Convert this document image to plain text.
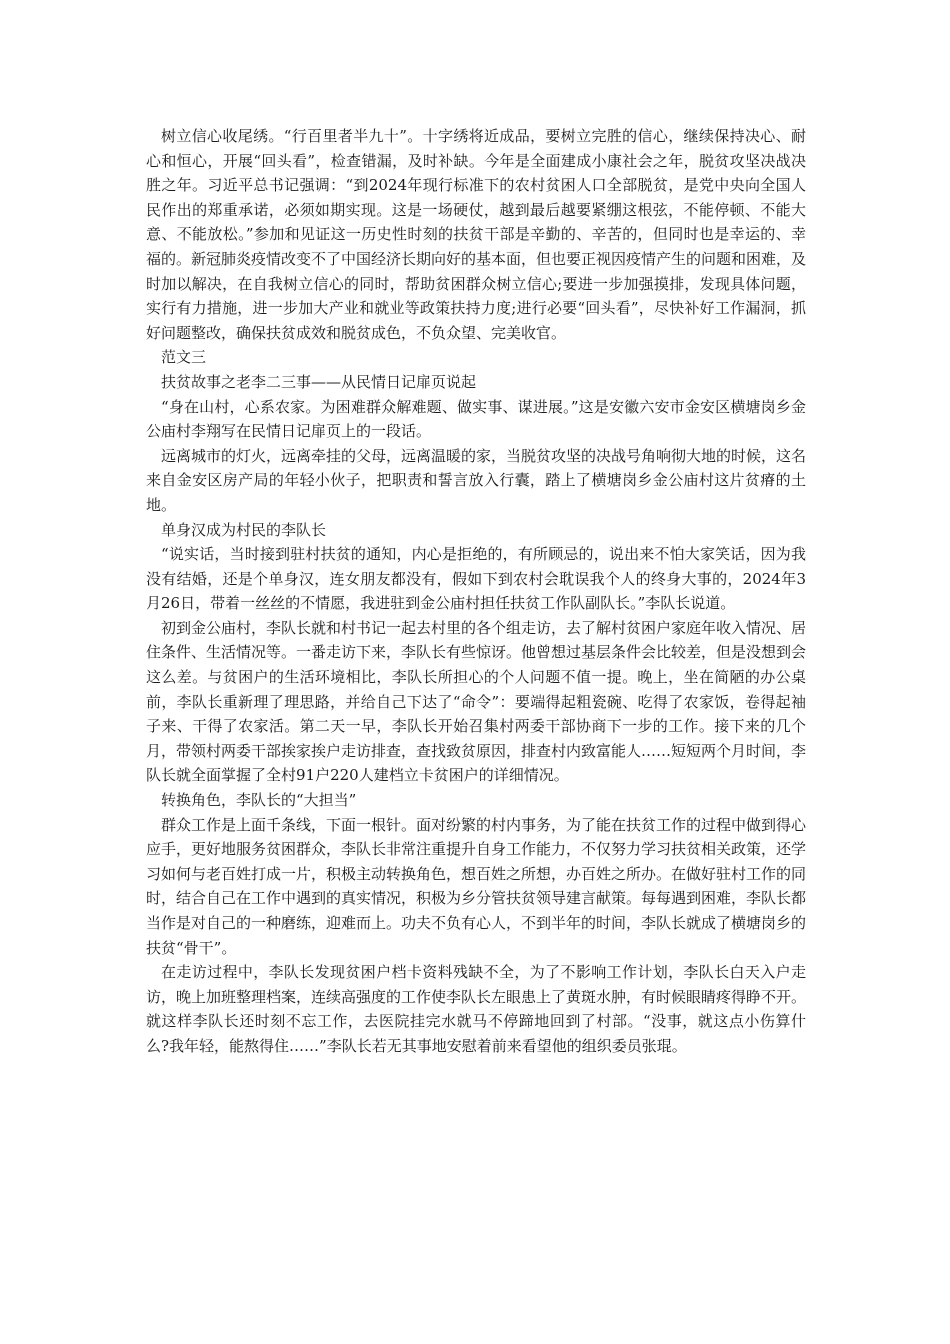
树立信心收尾绣。“行百里者半九十”。十字绣将近成品，要树立完胜的信心，继续保持决心、耐心和恒心，开展“回头看”，检查错漏，及时补缺。今年是全面建成小康社会之年，脱贫攻坚决战决胜之年。习近平总书记强调：“到2024年现行标准下的农村贫困人口全部脱贫，是党中央向全国人民作出的郑重承诺，必须如期实现。这是一场硬仗，越到最后越要紧绷这根弦，不能停顿、不能大意、不能放松。”参加和见证这一历史性时刻的扶贫干部是辛勤的、辛苦的，但同时也是幸运的、幸福的。新冠肺炎疫情改变不了中国经济长期向好的基本面，但也要正视因疫情产生的问题和困难，及时加以解决，在自我树立信心的同时，帮助贫困群众树立信心;要进一步加强摸排，发现具体问题，实行有力措施，进一步加大产业和就业等政策扶持力度;进行必要“回头看”，尽快补好工作漏洞，抓好问题整改，确保扶贫成效和脱贫成色，不负众望、完美收官。

范文三

扶贫故事之老李二三事——从民情日记扉页说起

“身在山村，心系农家。为困难群众解难题、做实事、谋进展。”这是安徽六安市金安区横塘岗乡金公庙村李翔写在民情日记扉页上的一段话。

远离城市的灯火，远离牵挂的父母，远离温暖的家，当脱贫攻坚的决战号角响彻大地的时候，这名来自金安区房产局的年轻小伙子，把职责和誓言放入行囊，踏上了横塘岗乡金公庙村这片贫瘠的土地。

单身汉成为村民的李队长

“说实话，当时接到驻村扶贫的通知，内心是拒绝的，有所顾忌的，说出来不怕大家笑话，因为我没有结婚，还是个单身汉，连女朋友都没有，假如下到农村会耽误我个人的终身大事的，2024年3月26日，带着一丝丝的不情愿，我进驻到金公庙村担任扶贫工作队副队长。”李队长说道。

初到金公庙村，李队长就和村书记一起去村里的各个组走访，去了解村贫困户家庭年收入情况、居住条件、生活情况等。一番走访下来，李队长有些惊讶。他曾想过基层条件会比较差，但是没想到会这么差。与贫困户的生活环境相比，李队长所担心的个人问题不值一提。晚上，坐在简陋的办公桌前，李队长重新理了理思路，并给自己下达了“命令”：要端得起粗瓷碗、吃得了农家饭，卷得起袖子来、干得了农家活。第二天一早，李队长开始召集村两委干部协商下一步的工作。接下来的几个月，带领村两委干部挨家挨户走访排查，查找致贫原因，排查村内致富能人……短短两个月时间，李队长就全面掌握了全村91户220人建档立卡贫困户的详细情况。

转换角色，李队长的“大担当”

群众工作是上面千条线，下面一根针。面对纷繁的村内事务，为了能在扶贫工作的过程中做到得心应手，更好地服务贫困群众，李队长非常注重提升自身工作能力，不仅努力学习扶贫相关政策，还学习如何与老百姓打成一片，积极主动转换角色，想百姓之所想，办百姓之所办。在做好驻村工作的同时，结合自己在工作中遇到的真实情况，积极为乡分管扶贫领导建言献策。每每遇到困难，李队长都当作是对自己的一种磨练，迎难而上。功夫不负有心人，不到半年的时间，李队长就成了横塘岗乡的扶贫“骨干”。

在走访过程中，李队长发现贫困户档卡资料残缺不全，为了不影响工作计划，李队长白天入户走访，晚上加班整理档案，连续高强度的工作使李队长左眼患上了黄斑水肿，有时候眼睛疼得睁不开。就这样李队长还时刻不忘工作，去医院挂完水就马不停蹄地回到了村部。“没事，就这点小伤算什么?我年轻，能熬得住……”李队长若无其事地安慰着前来看望他的组织委员张琨。
